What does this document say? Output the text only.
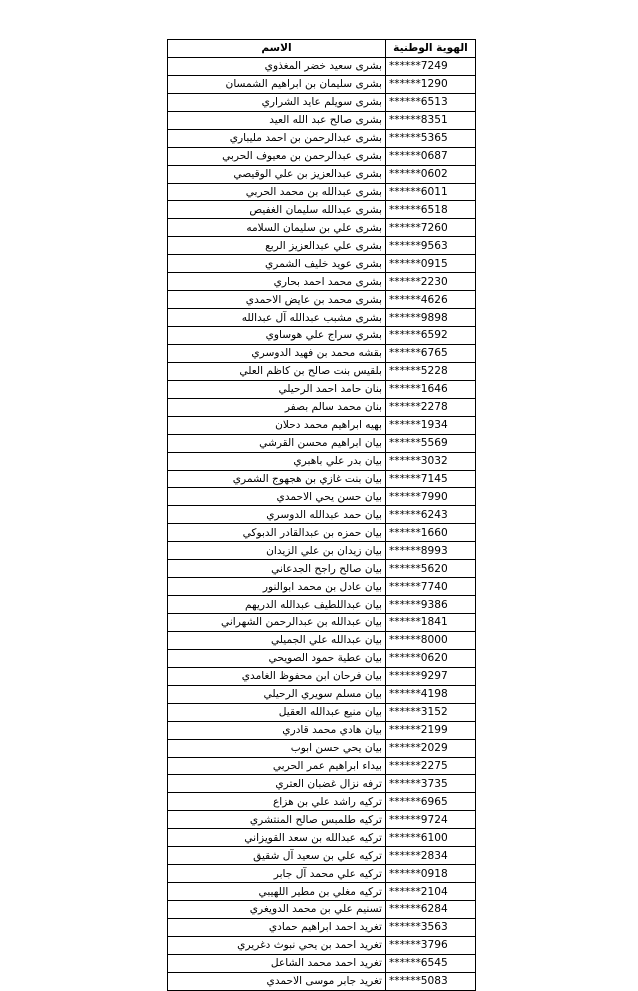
الهوية الوطنية	الاسم
******7249	بشرى سعيد خضر المغذوي
******1290	بشرى سليمان بن ابراهيم الشمسان
******6513	بشرى سويلم عايد الشراري
******8351	بشرى صالح عبد الله العيد
******5365	بشرى عبدالرحمن بن احمد مليباري
******0687	بشرى عبدالرحمن بن معيوف الحربي
******0602	بشرى عبدالعزيز بن علي الوقيصي
******6011	بشرى عبدالله بن محمد الحربي
******6518	بشرى عبدالله سليمان الغفيص
******7260	بشرى علي بن سليمان السلامه
******9563	بشرى علي عبدالعزيز الربع
******0915	بشرى عويد خليف الشمري
******2230	بشرى محمد احمد بحاري
******4626	بشرى محمد بن عايض الاحمدي
******9898	بشرى مشبب عبدالله آل عبدالله
******6592	بشري سراج علي هوساوي
******6765	بقشه محمد بن فهيد الدوسري
******5228	بلقيس بنت صالح بن كاظم العلي
******1646	بنان حامد احمد الرحيلي
******2278	بنان محمد سالم بصفر
******1934	بهيه ابراهيم محمد دحلان
******5569	بيان ابراهيم محسن القرشي
******3032	بيان بدر علي باهبري
******7145	بيان بنت غازي بن هجهوج الشمري
******7990	بيان حسن يحي الاحمدي
******6243	بيان حمد عبدالله الدوسري
******1660	بيان حمزه بن عبدالقادر الدبوكي
******8993	بيان زيدان بن علي الزيدان
******5620	بيان صالح راجح الجدعاني
******7740	بيان عادل بن محمد ابوالنور
******9386	بيان عبداللطيف عبدالله الدريهم
******1841	بيان عبدالله بن عبدالرحمن الشهراني
******8000	بيان عبدالله علي الجميلي
******0620	بيان عطية حمود الصويحي
******9297	بيان فرحان ابن محفوظ الغامدي
******4198	بيان مسلم سويري الرحيلي
******3152	بيان منيع عبدالله العقيل
******2199	بيان هادي محمد قادري
******2029	بيان يحي حسن ابوب
******2275	بيداء ابراهيم عمر الحربي
******3735	ترفه نزال غضبان العتري
******6965	تركيه راشد علي بن هزاع
******9724	تركيه طلمبس صالح المنتشري
******6100	تركيه عبدالله بن سعد القويزاني
******2834	تركيه علي بن سعيد آل شقيق
******0918	تركيه علي محمد آل جابر
******2104	تركيه مغلي بن مطير اللهيبي
******6284	تسنيم علي بن محمد الدويغري
******3563	تغريد احمد ابراهيم حمادي
******3796	تغريد احمد بن يحي نبوث دغريري
******6545	تغريد احمد محمد الشاعل
******5083	تغريد جابر موسى الاحمدي
